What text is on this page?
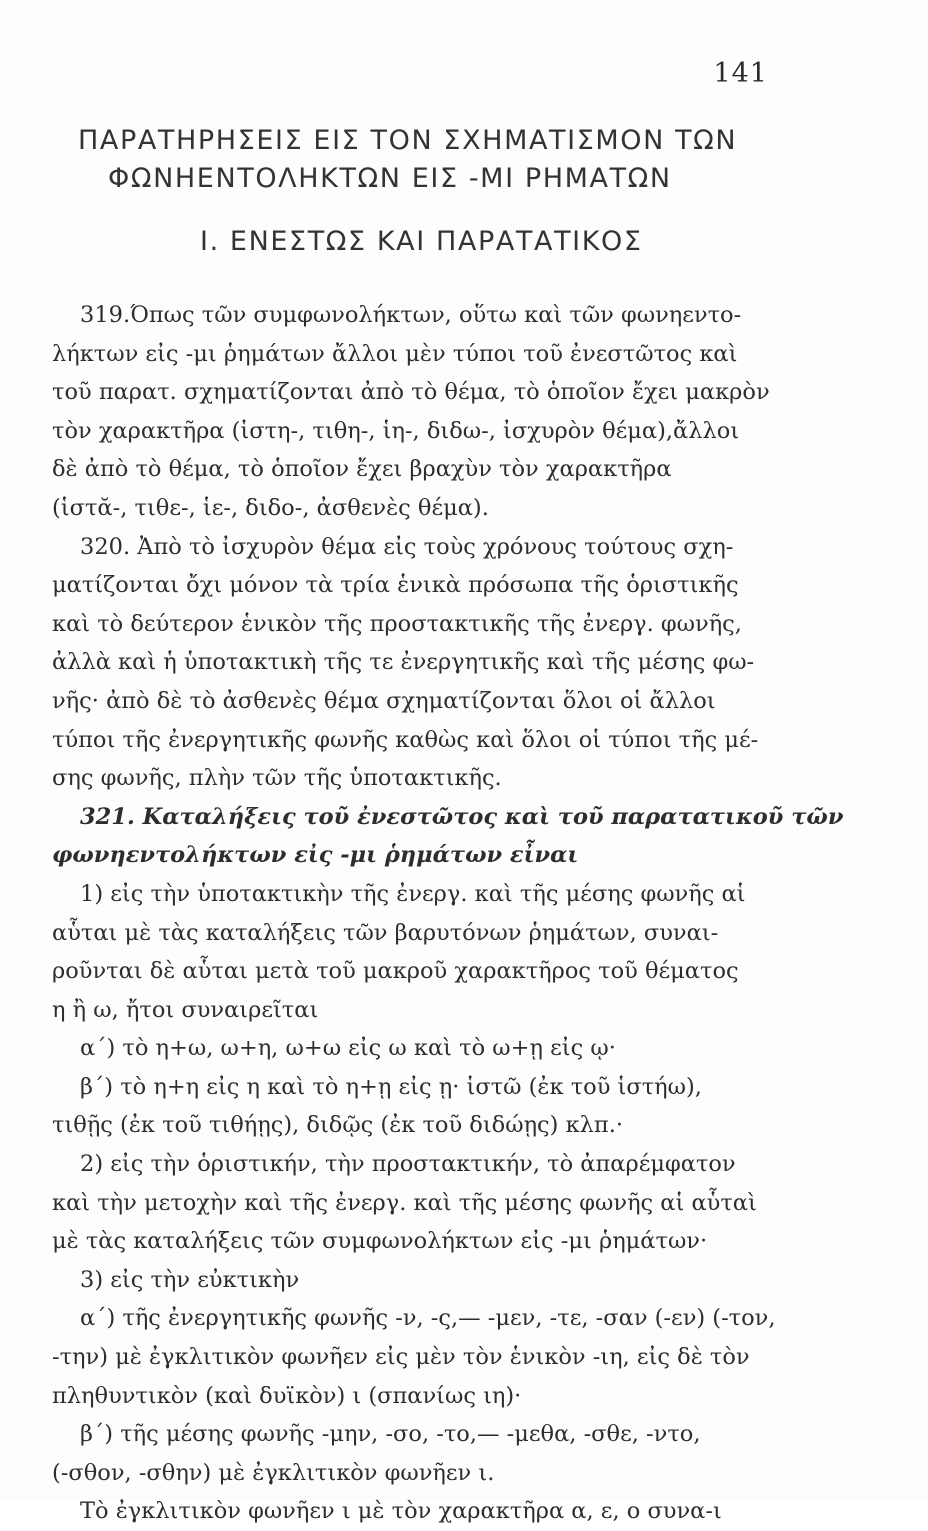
141
ΠΑΡΑΤΗΡΗΣΕΙΣ ΕΙΣ ΤΟΝ ΣΧΗΜΑΤΙΣΜΟΝ ΤΩΝ
ΦΩΝΗΕΝΤΟΛΗΚΤΩΝ ΕΙΣ -ΜΙ ΡΗΜΑΤΩΝ
Ι. ΕΝΕΣΤΩΣ ΚΑΙ ΠΑΡΑΤΑΤΙΚΟΣ
319.Όπως τῶν συμφωνολήκτων, οὕτω καὶ τῶν φωνηεντο-
λήκτων εἰς -μι ῥημάτων ἄλλοι μὲν τύποι τοῦ ἐνεστῶτος καὶ
τοῦ παρατ. σχηματίζονται ἀπὸ τὸ θέμα, τὸ ὁποῖον ἔχει μακρὸν
τὸν χαρακτῆρα (ἱστη-, τιθη-, ἱη-, διδω-, ἰσχυρὸν θέμα),ἄλλοι
δὲ ἀπὸ τὸ θέμα, τὸ ὁποῖον ἔχει βραχὺν τὸν χαρακτῆρα
(ἱστᾰ-, τιθε-, ἱε-, διδο-, ἀσθενὲς θέμα).
320. Ἀπὸ τὸ ἰσχυρὸν θέμα εἰς τοὺς χρόνους τούτους σχη-
ματίζονται ὄχι μόνον τὰ τρία ἑνικὰ πρόσωπα τῆς ὁριστικῆς
καὶ τὸ δεύτερον ἑνικὸν τῆς προστακτικῆς τῆς ἐνεργ. φωνῆς,
ἀλλὰ καὶ ἡ ὑποτακτικὴ τῆς τε ἐνεργητικῆς καὶ τῆς μέσης φω-
νῆς· ἀπὸ δὲ τὸ ἀσθενὲς θέμα σχηματίζονται ὅλοι οἱ ἄλλοι
τύποι τῆς ἐνεργητικῆς φωνῆς καθὼς καὶ ὅλοι οἱ τύποι τῆς μέ-
σης φωνῆς, πλὴν τῶν τῆς ὑποτακτικῆς.
321. Καταλήξεις τοῦ ἐνεστῶτος καὶ τοῦ παρατατικοῦ τῶν
φωνηεντολήκτων εἰς -μι ῥημάτων εἶναι
1) εἰς τὴν ὑποτακτικὴν τῆς ἐνεργ. καὶ τῆς μέσης φωνῆς αἱ
αὗται μὲ τὰς καταλήξεις τῶν βαρυτόνων ῥημάτων, συναι-
ροῦνται δὲ αὗται μετὰ τοῦ μακροῦ χαρακτῆρος τοῦ θέματος
η ἢ ω, ἤτοι συναιρεῖται
α΄) τὸ η+ω, ω+η, ω+ω εἰς ω καὶ τὸ ω+ῃ εἰς ῳ·
β΄) τὸ η+η εἰς η καὶ τὸ η+ῃ εἰς ῃ· ἱστῶ (ἐκ τοῦ ἱστήω),
τιθῇς (ἐκ τοῦ τιθήῃς), διδῷς (ἐκ τοῦ διδώῃς) κλπ.·
2) εἰς τὴν ὁριστικήν, τὴν προστακτικήν, τὸ ἀπαρέμφατον
καὶ τὴν μετοχὴν καὶ τῆς ἐνεργ. καὶ τῆς μέσης φωνῆς αἱ αὗταὶ
μὲ τὰς καταλήξεις τῶν συμφωνολήκτων εἰς -μι ῥημάτων·
3) εἰς τὴν εὐκτικὴν
α΄) τῆς ἐνεργητικῆς φωνῆς -ν, -ς,— -μεν, -τε, -σαν (-εν) (-τον,
-την) μὲ ἐγκλιτικὸν φωνῆεν εἰς μὲν τὸν ἑνικὸν -ιη, εἰς δὲ τὸν
πληθυντικὸν (καὶ δυϊκὸν) ι (σπανίως ιη)·
β΄) τῆς μέσης φωνῆς -μην, -σο, -το,— -μεθα, -σθε, -ντο,
(-σθον, -σθην) μὲ ἐγκλιτικὸν φωνῆεν ι.
Τὸ ἐγκλιτικὸν φωνῆεν ι μὲ τὸν χαρακτῆρα α, ε, ο συνα-ι
